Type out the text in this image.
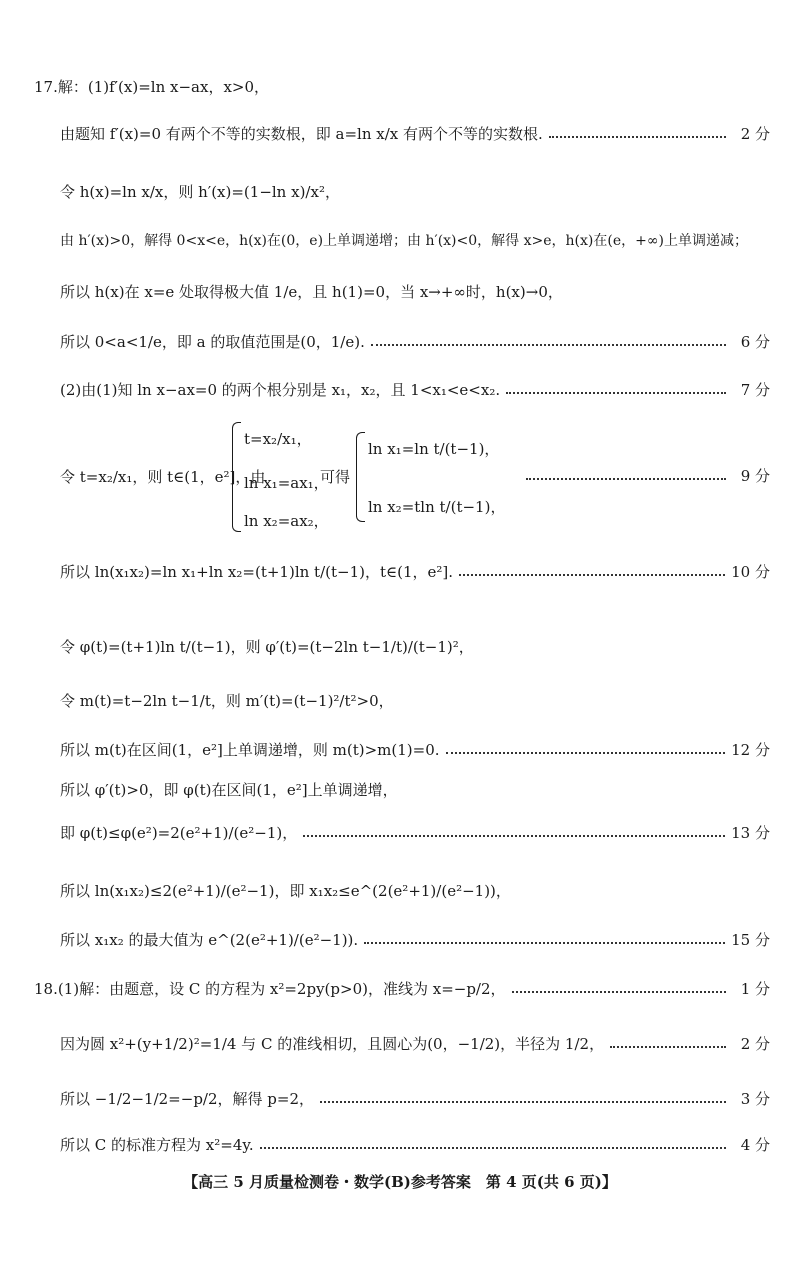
17.解：(1)f′(x)=ln x−ax，x>0，
由题知 f′(x)=0 有两个不等的实数根，即 a=ln x/x 有两个不等的实数根.	2 分
令 h(x)=ln x/x，则 h′(x)=(1−ln x)/x²，
由 h′(x)>0，解得 0<x<e，h(x)在(0，e)上单调递增；由 h′(x)<0，解得 x>e，h(x)在(e，+∞)上单调递减；
所以 h(x)在 x=e 处取得极大值 1/e，且 h(1)=0，当 x→+∞时，h(x)→0，
所以 0<a<1/e，即 a 的取值范围是(0，1/e).	6 分
(2)由(1)知 ln x−ax=0 的两个根分别是 x₁，x₂，且 1<x₁<e<x₂.	7 分
令 t=x₂/x₁，则 t∈(1，e²]，由
t=x₂/x₁，
ln x₁=ax₁，
ln x₂=ax₂，
可得
ln x₁=ln t/(t−1)，
ln x₂=tln t/(t−1)，
9 分
所以 ln(x₁x₂)=ln x₁+ln x₂=(t+1)ln t/(t−1)，t∈(1，e²].	10 分
令 φ(t)=(t+1)ln t/(t−1)，则 φ′(t)=(t−2ln t−1/t)/(t−1)²，
令 m(t)=t−2ln t−1/t，则 m′(t)=(t−1)²/t²>0，
所以 m(t)在区间(1，e²]上单调递增，则 m(t)>m(1)=0.	12 分
所以 φ′(t)>0，即 φ(t)在区间(1，e²]上单调递增，
即 φ(t)≤φ(e²)=2(e²+1)/(e²−1)，	13 分
所以 ln(x₁x₂)≤2(e²+1)/(e²−1)，即 x₁x₂≤e^(2(e²+1)/(e²−1))，
所以 x₁x₂ 的最大值为 e^(2(e²+1)/(e²−1)).	15 分
18.(1)解：由题意，设 C 的方程为 x²=2py(p>0)，准线为 x=−p/2，	1 分
因为圆 x²+(y+1/2)²=1/4 与 C 的准线相切，且圆心为(0，−1/2)，半径为 1/2，	2 分
所以 −1/2−1/2=−p/2，解得 p=2，	3 分
所以 C 的标准方程为 x²=4y.	4 分
【高三 5 月质量检测卷・数学(B)参考答案　第 4 页(共 6 页)】
